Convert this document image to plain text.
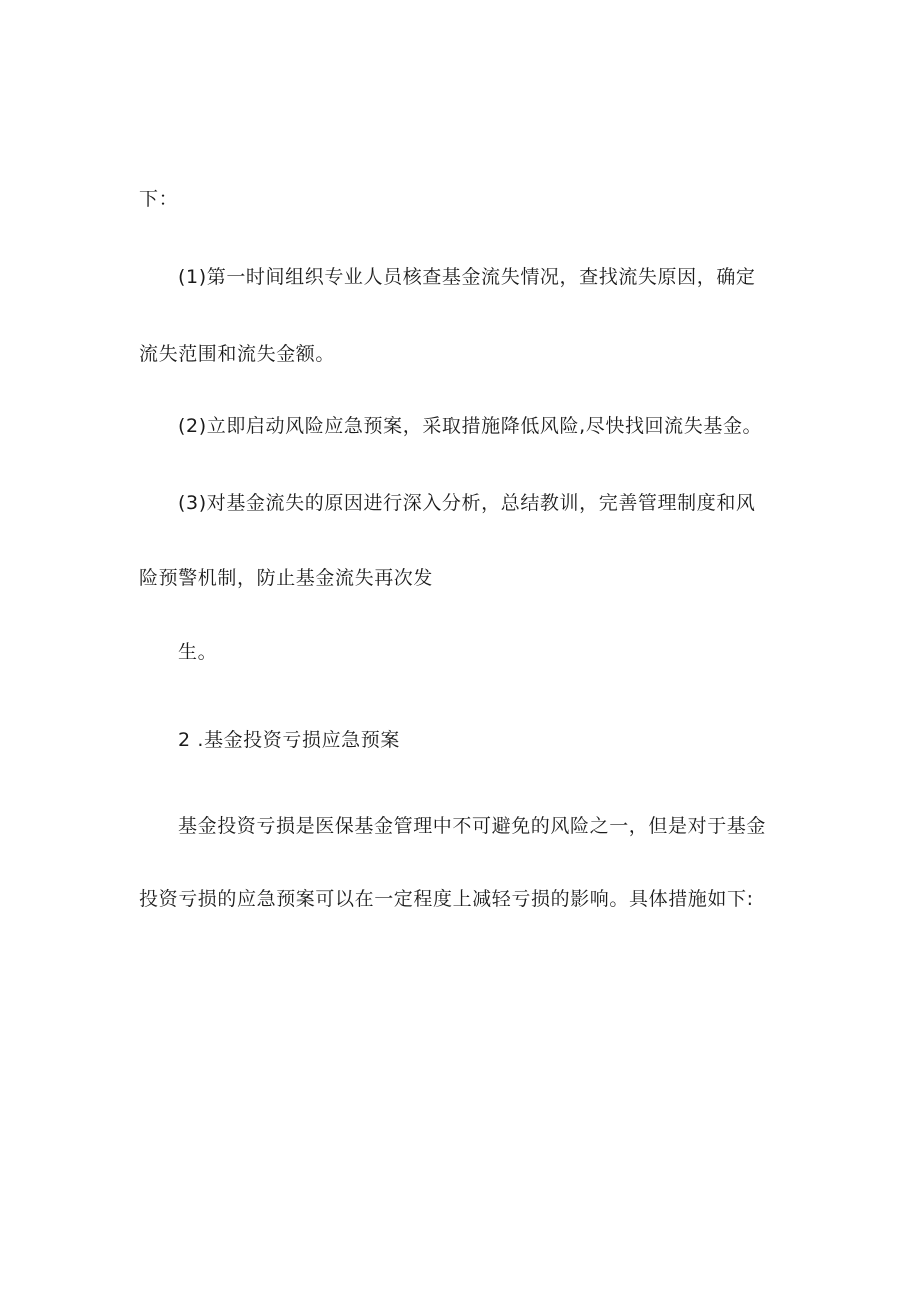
下：
(1)第一时间组织专业人员核查基金流失情况，查找流失原因，确定
流失范围和流失金额。
(2)立即启动风险应急预案，采取措施降低风险,尽快找回流失基金。
(3)对基金流失的原因进行深入分析，总结教训，完善管理制度和风
险预警机制，防止基金流失再次发
生。
2 .基金投资亏损应急预案
基金投资亏损是医保基金管理中不可避免的风险之一，但是对于基金
投资亏损的应急预案可以在一定程度上减轻亏损的影响。具体措施如下:
